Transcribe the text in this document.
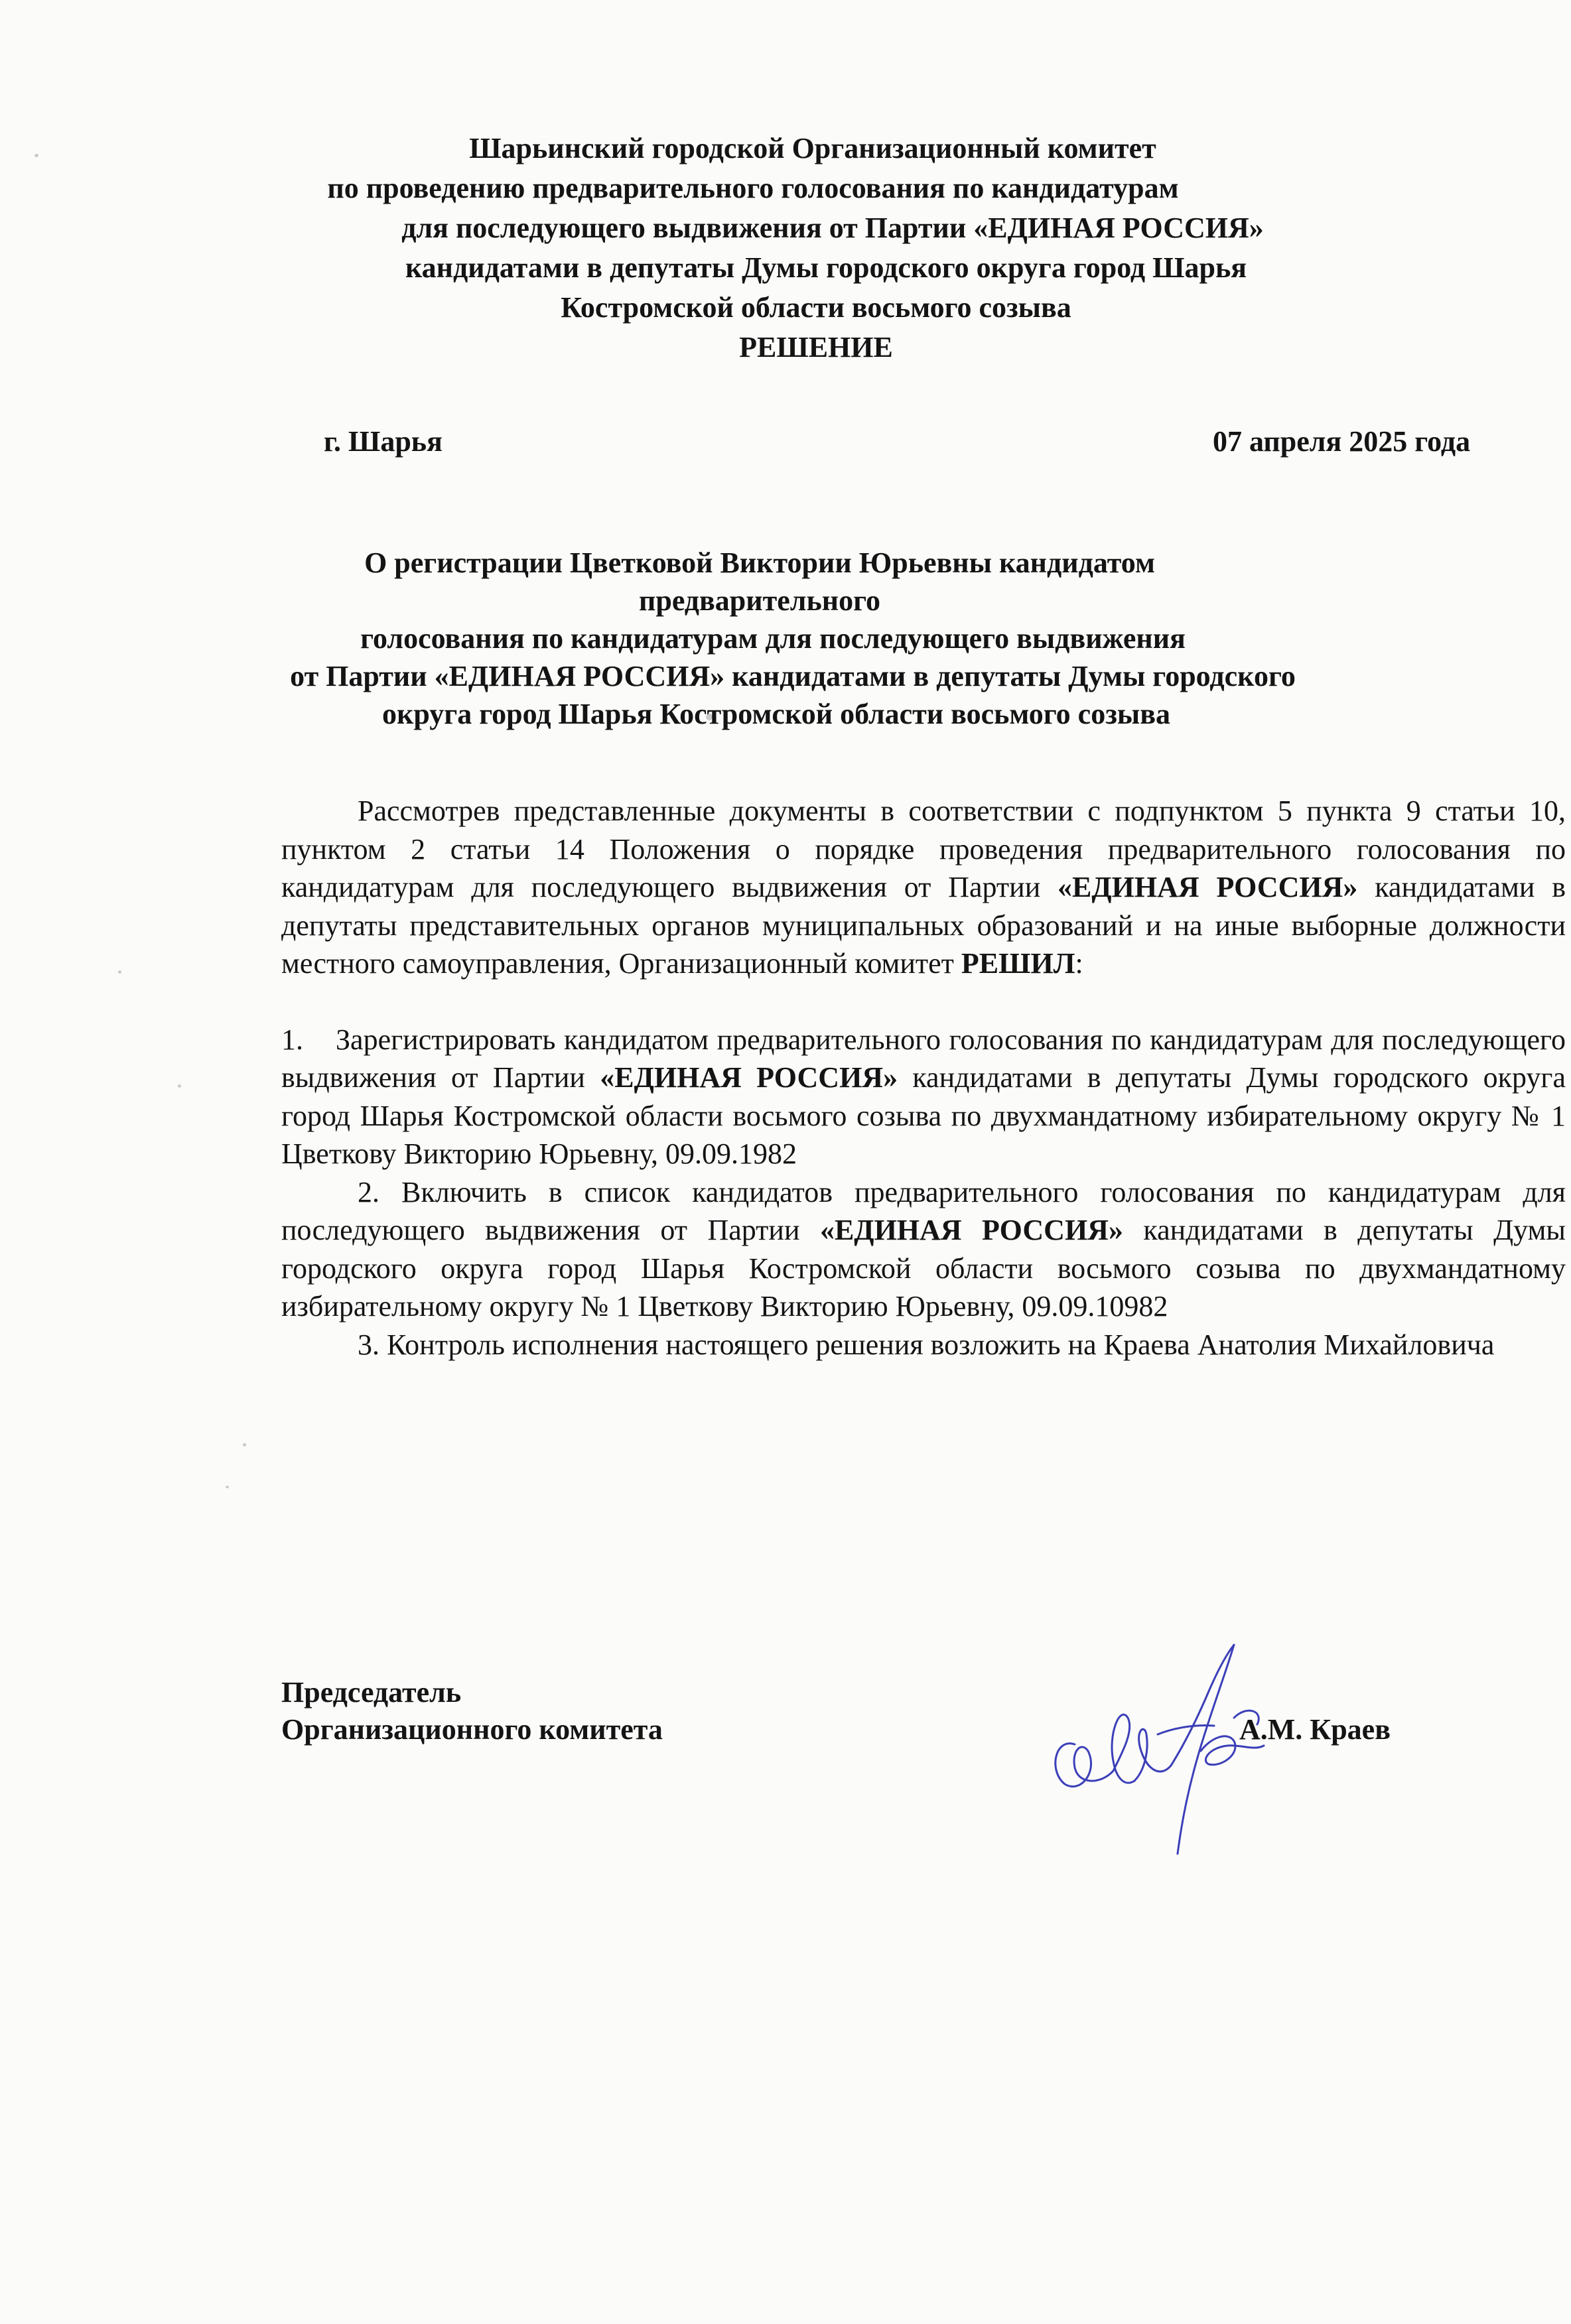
Шарьинский городской Организационный комитет
по проведению предварительного голосования по кандидатурам
для последующего выдвижения от Партии «ЕДИНАЯ РОССИЯ»
кандидатами в депутаты Думы городского округа город Шарья
Костромской области восьмого созыва
РЕШЕНИЕ
г. Шарья	07 апреля 2025 года
О регистрации Цветковой Виктории Юрьевны кандидатом
предварительного
голосования по кандидатурам для последующего выдвижения
от Партии «ЕДИНАЯ РОССИЯ» кандидатами в депутаты Думы городского
округа город Шарья Костромской области восьмого созыва

Рассмотрев представленные документы в соответствии с подпунктом 5 пункта 9 статьи 10, пунктом 2 статьи 14 Положения о порядке проведения предварительного голосования по кандидатурам для последующего выдвижения от Партии «ЕДИНАЯ РОССИЯ» кандидатами в депутаты представительных органов муниципальных образований и на иные выборные должности местного самоуправления, Организационный комитет РЕШИЛ:

1. Зарегистрировать кандидатом предварительного голосования по кандидатурам для последующего выдвижения от Партии «ЕДИНАЯ РОССИЯ» кандидатами в депутаты Думы городского округа город Шарья Костромской области восьмого созыва по двухмандатному избирательному округу № 1 Цветкову Викторию Юрьевну, 09.09.1982

2. Включить в список кандидатов предварительного голосования по кандидатурам для последующего выдвижения от Партии «ЕДИНАЯ РОССИЯ» кандидатами в депутаты Думы городского округа город Шарья Костромской области восьмого созыва по двухмандатному избирательному округу № 1 Цветкову Викторию Юрьевну, 09.09.10982

3. Контроль исполнения настоящего решения возложить на Краева Анатолия Михайловича

Председатель
Организационного комитета	А.М. Краев
